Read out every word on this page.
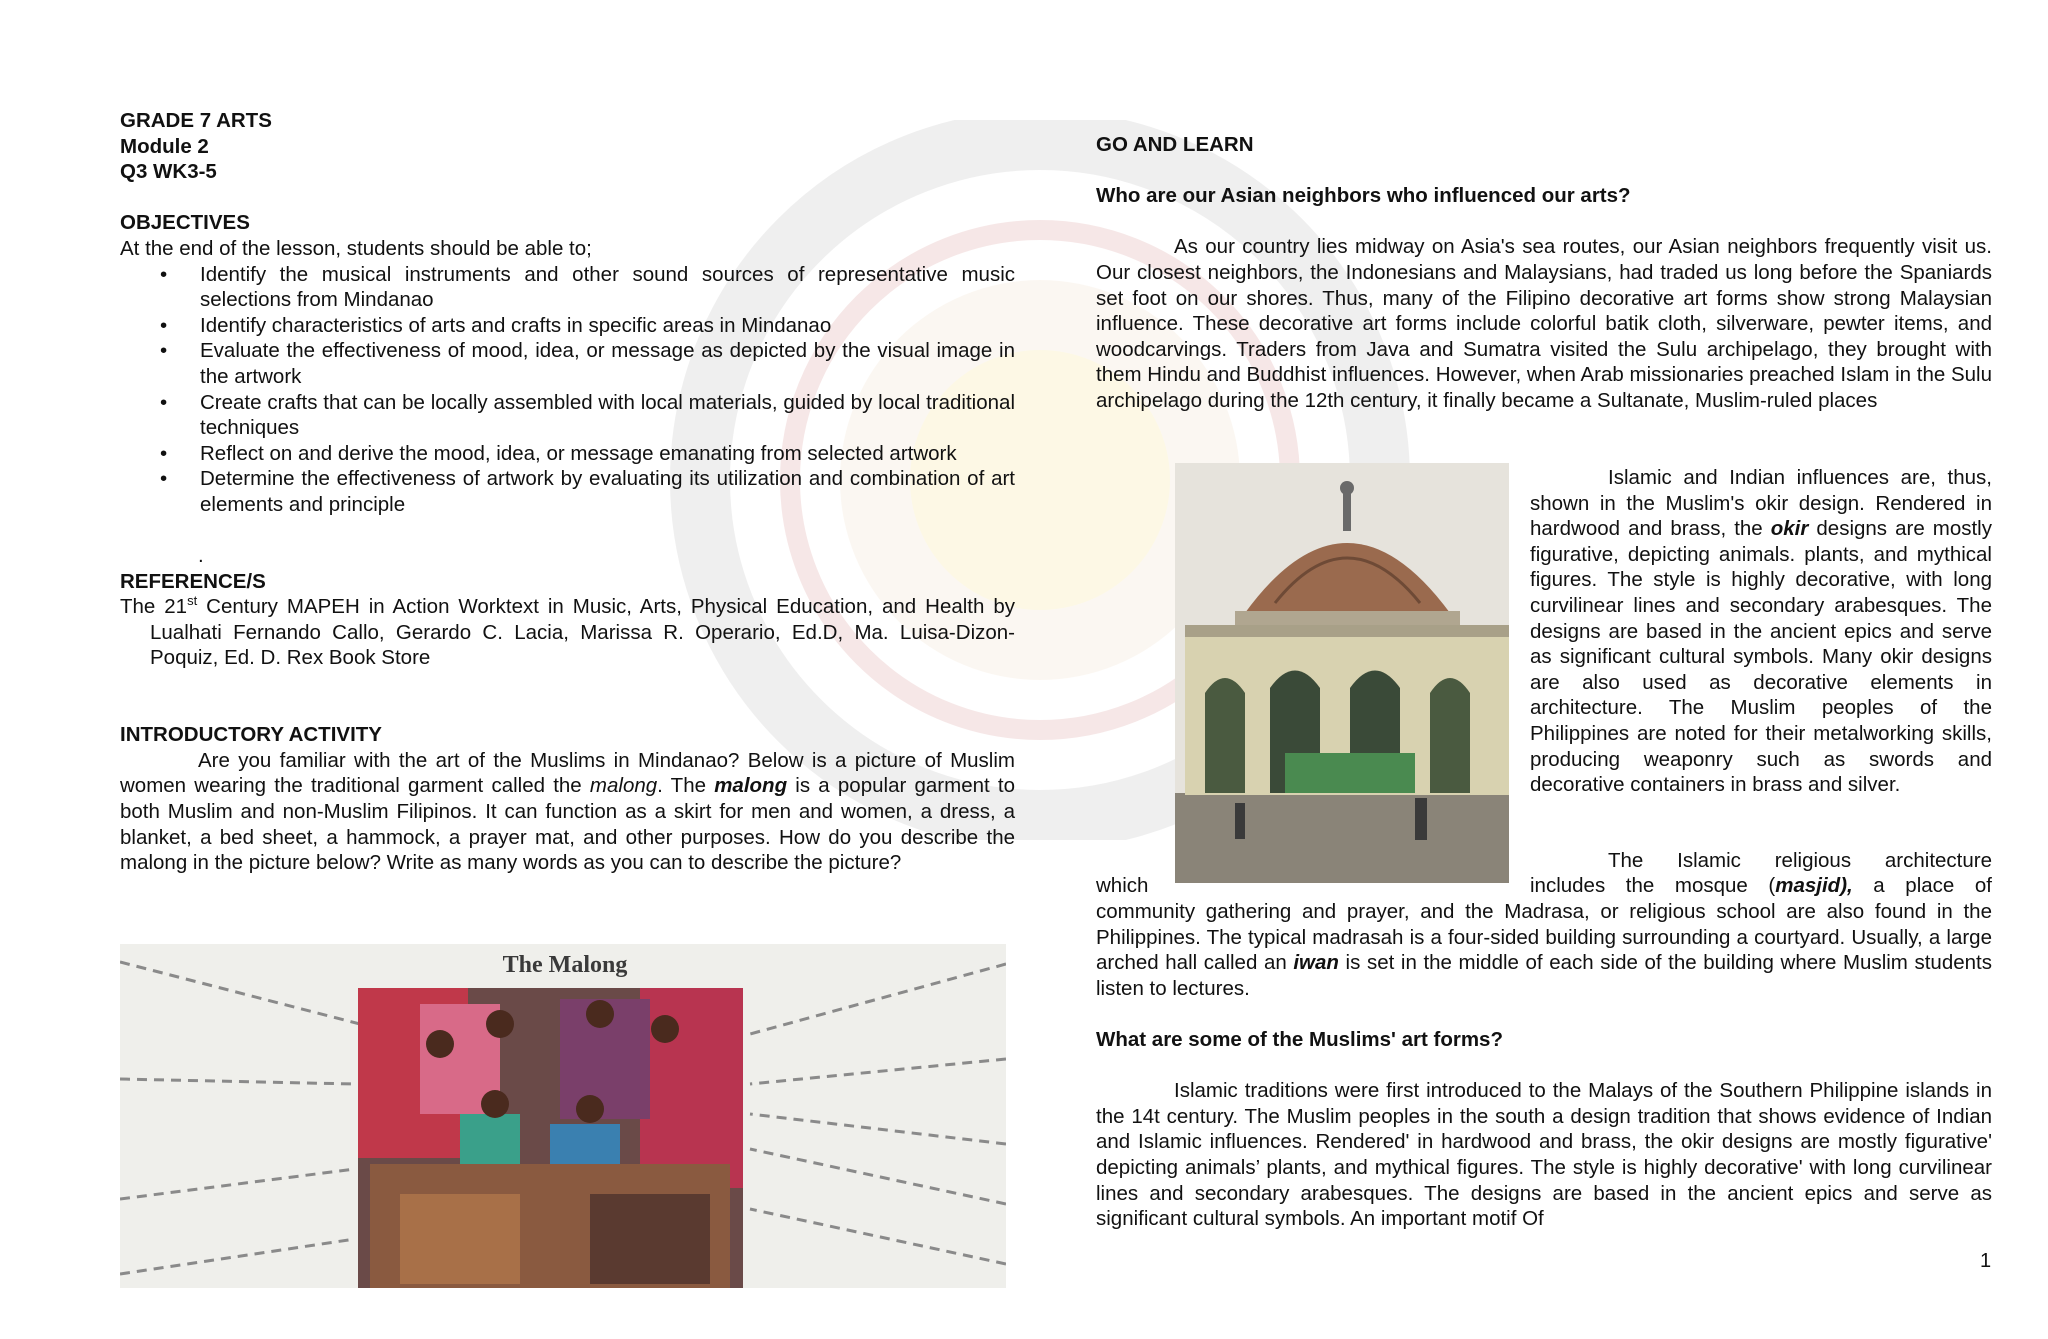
GRADE 7 ARTS
Module 2
Q3 WK3-5
OBJECTIVES
At the end of the lesson, students should be able to;
• Identify the musical instruments and other sound sources of representative music selections from Mindanao
• Identify characteristics of arts and crafts in specific areas in Mindanao
• Evaluate the effectiveness of mood, idea, or message as depicted by the visual image in the artwork
• Create crafts that can be locally assembled with local materials, guided by local traditional techniques
• Reflect on and derive the mood, idea, or message emanating from selected artwork
• Determine the effectiveness of artwork by evaluating its utilization and combination of art elements and principle
.
REFERENCE/S
The 21st Century MAPEH in Action Worktext in Music, Arts, Physical Education, and Health by Lualhati Fernando Callo, Gerardo C. Lacia, Marissa R. Operario, Ed.D, Ma. Luisa-Dizon-Poquiz, Ed. D. Rex Book Store
INTRODUCTORY ACTIVITY
Are you familiar with the art of the Muslims in Mindanao? Below is a picture of Muslim women wearing the traditional garment called the malong. The malong is a popular garment to both Muslim and non-Muslim Filipinos. It can function as a skirt for men and women, a dress, a blanket, a bed sheet, a hammock, a prayer mat, and other purposes. How do you describe the malong in the picture below? Write as many words as you can to describe the picture?
The Malong
GO AND LEARN
Who are our Asian neighbors who influenced our arts?
As our country lies midway on Asia's sea routes, our Asian neighbors frequently visit us. Our closest neighbors, the Indonesians and Malaysians, had traded us long before the Spaniards set foot on our shores. Thus, many of the Filipino decorative art forms show strong Malaysian influence. These decorative art forms include colorful batik cloth, silverware, pewter items, and woodcarvings. Traders from Java and Sumatra visited the Sulu archipelago, they brought with them Hindu and Buddhist influences. However, when Arab missionaries preached Islam in the Sulu archipelago during the 12th century, it finally became a Sultanate, Muslim-ruled places
Islamic and Indian influences are, thus, shown in the Muslim's okir design. Rendered in hardwood and brass, the okir designs are mostly figurative, depicting animals. plants, and mythical figures. The style is highly decorative, with long curvilinear lines and secondary arabesques. The designs are based in the ancient epics and serve as significant cultural symbols. Many okir designs are also used as decorative elements in architecture. The Muslim peoples of the Philippines are noted for their metalworking skills, producing weaponry such as swords and decorative containers in brass and silver.
The Islamic religious architecture
which	includes the mosque (masjid), a place of
community gathering and prayer, and the Madrasa, or religious school are also found in the Philippines. The typical madrasah is a four-sided building surrounding a courtyard. Usually, a large arched hall called an iwan is set in the middle of each side of the building where Muslim students listen to lectures.
What are some of the Muslims' art forms?
Islamic traditions were first introduced to the Malays of the Southern Philippine islands in the 14t century. The Muslim peoples in the south a design tradition that shows evidence of Indian and Islamic influences. Rendered' in hardwood and brass, the okir designs are mostly figurative' depicting animals’ plants, and mythical figures. The style is highly decorative' with long curvilinear lines and secondary arabesques. The designs are based in the ancient epics and serve as significant cultural symbols. An important motif Of
1
